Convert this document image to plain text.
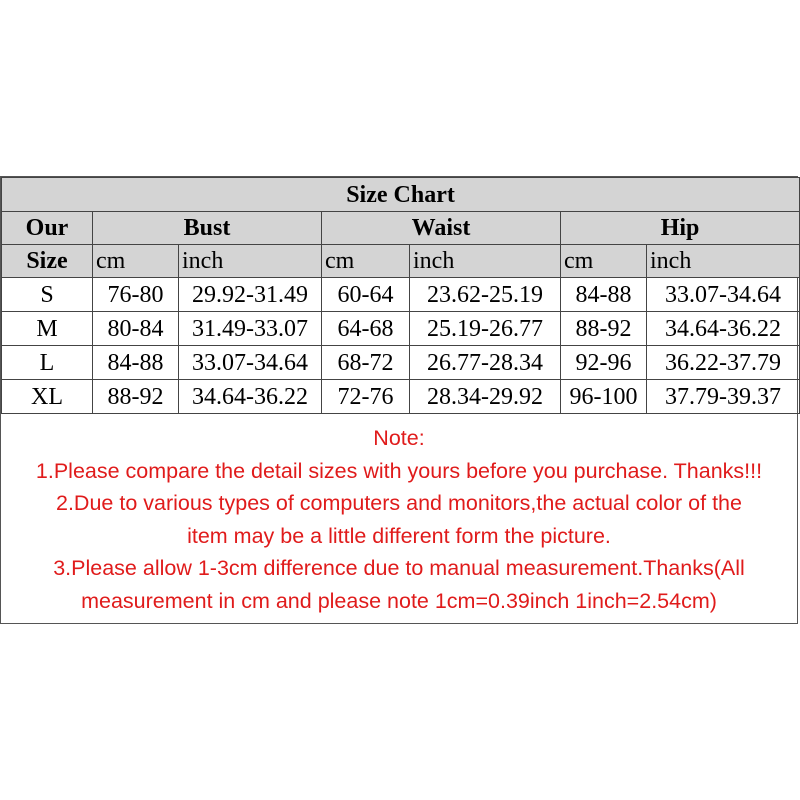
Size Chart						
Our	Bust		Waist		Hip	
Size	cm	inch	cm	inch	cm	inch
S	76-80	29.92-31.49	60-64	23.62-25.19	84-88	33.07-34.64
M	80-84	31.49-33.07	64-68	25.19-26.77	88-92	34.64-36.22
L	84-88	33.07-34.64	68-72	26.77-28.34	92-96	36.22-37.79
XL	88-92	34.64-36.22	72-76	28.34-29.92	96-100	37.79-39.37
Note:
1.Please compare the detail sizes with yours before you purchase. Thanks!!!
2.Due to various types of computers and monitors,the actual color of the
item may be a little different form the picture.
3.Please allow 1-3cm difference due to manual measurement.Thanks(All
measurement in cm and please note 1cm=0.39inch 1inch=2.54cm)
